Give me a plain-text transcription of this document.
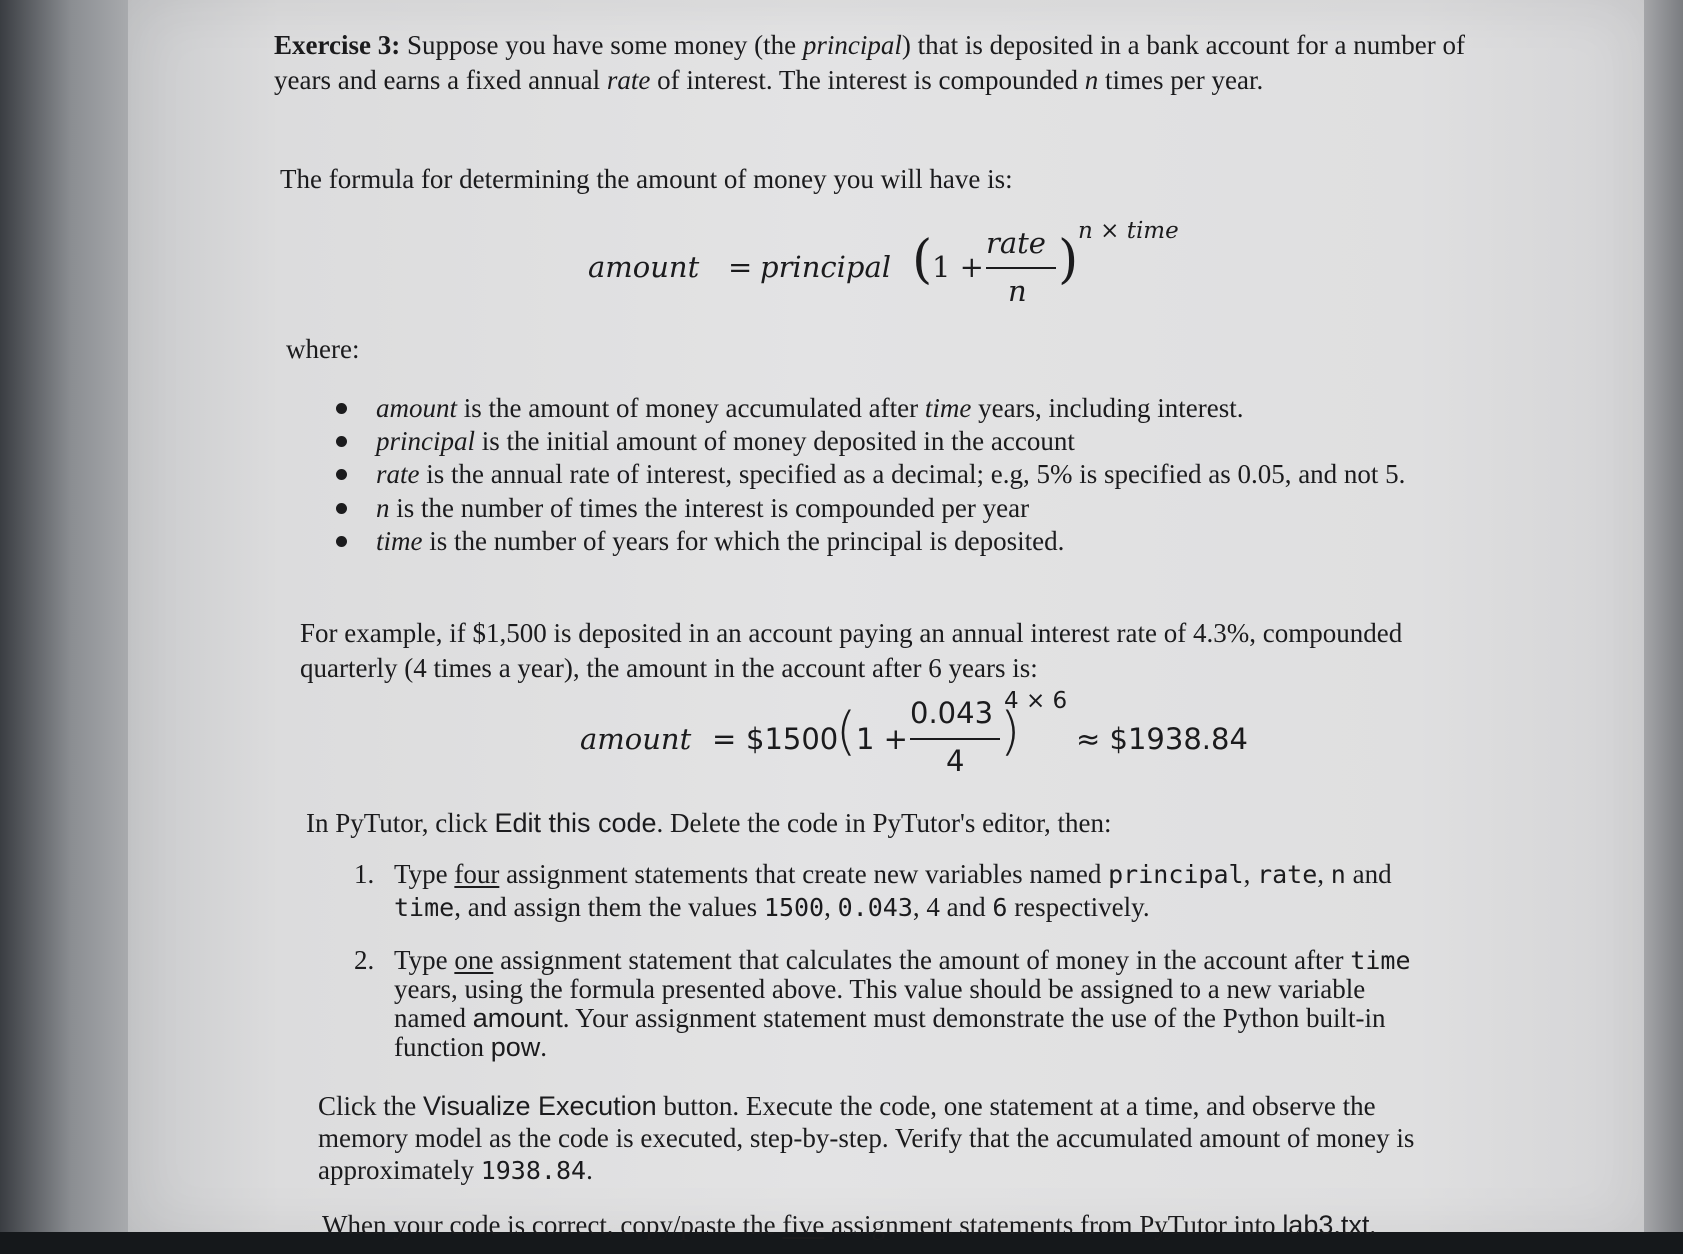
Exercise 3: Suppose you have some money (the principal) that is deposited in a bank account for a number of years and earns a fixed annual rate of interest. The interest is compounded n times per year.

The formula for determining the amount of money you will have is:

amount = principal ( 1 +
rate
n
) n × time

where:

amount is the amount of money accumulated after time years, including interest.
principal is the initial amount of money deposited in the account
rate is the annual rate of interest, specified as a decimal; e.g, 5% is specified as 0.05, and not 5.
n is the number of times the interest is compounded per year
time is the number of years for which the principal is deposited.

For example, if $1,500 is deposited in an account paying an annual interest rate of 4.3%, compounded quarterly (4 times a year), the amount in the account after 6 years is:

amount = $1500
( 1 +
0.043
4 )
4 × 6
≈ $1938.84

In PyTutor, click Edit this code. Delete the code in PyTutor's editor, then:

1. Type four assignment statements that create new variables named principal, rate, n and time, and assign them the values 1500, 0.043, 4 and 6 respectively.
2. Type one assignment statement that calculates the amount of money in the account after time years, using the formula presented above. This value should be assigned to a new variable named amount. Your assignment statement must demonstrate the use of the Python built-in function pow.

Click the Visualize Execution button. Execute the code, one statement at a time, and observe the memory model as the code is executed, step-by-step. Verify that the accumulated amount of money is approximately 1938.84.

When your code is correct, copy/paste the five assignment statements from PyTutor into lab3.txt.
